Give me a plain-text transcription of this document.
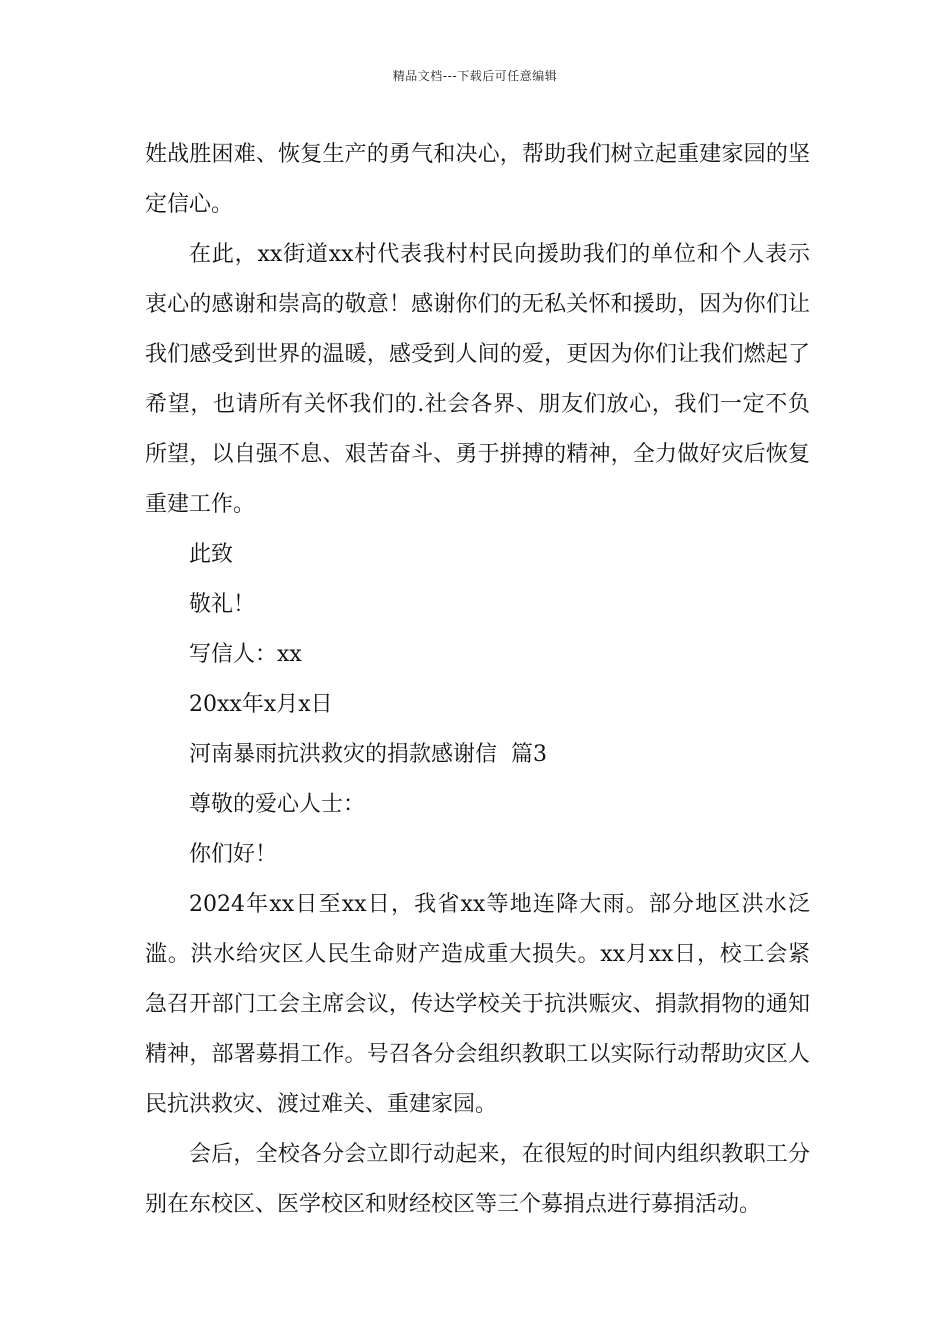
精品文档---下载后可任意编辑

姓战胜困难、恢复生产的勇气和决心，帮助我们树立起重建家园的坚定信心。

在此，xx街道xx村代表我村村民向援助我们的单位和个人表示衷心的感谢和崇高的敬意！感谢你们的无私关怀和援助，因为你们让我们感受到世界的温暖，感受到人间的爱，更因为你们让我们燃起了希望，也请所有关怀我们的.社会各界、朋友们放心，我们一定不负所望，以自强不息、艰苦奋斗、勇于拼搏的精神，全力做好灾后恢复重建工作。

此致

敬礼！

写信人：xx

20xx年x月x日

河南暴雨抗洪救灾的捐款感谢信  篇3

尊敬的爱心人士：

你们好！

2024年xx日至xx日，我省xx等地连降大雨。部分地区洪水泛滥。洪水给灾区人民生命财产造成重大损失。xx月xx日，校工会紧急召开部门工会主席会议，传达学校关于抗洪赈灾、捐款捐物的通知精神，部署募捐工作。号召各分会组织教职工以实际行动帮助灾区人民抗洪救灾、渡过难关、重建家园。

会后，全校各分会立即行动起来，在很短的时间内组织教职工分别在东校区、医学校区和财经校区等三个募捐点进行募捐活动。
